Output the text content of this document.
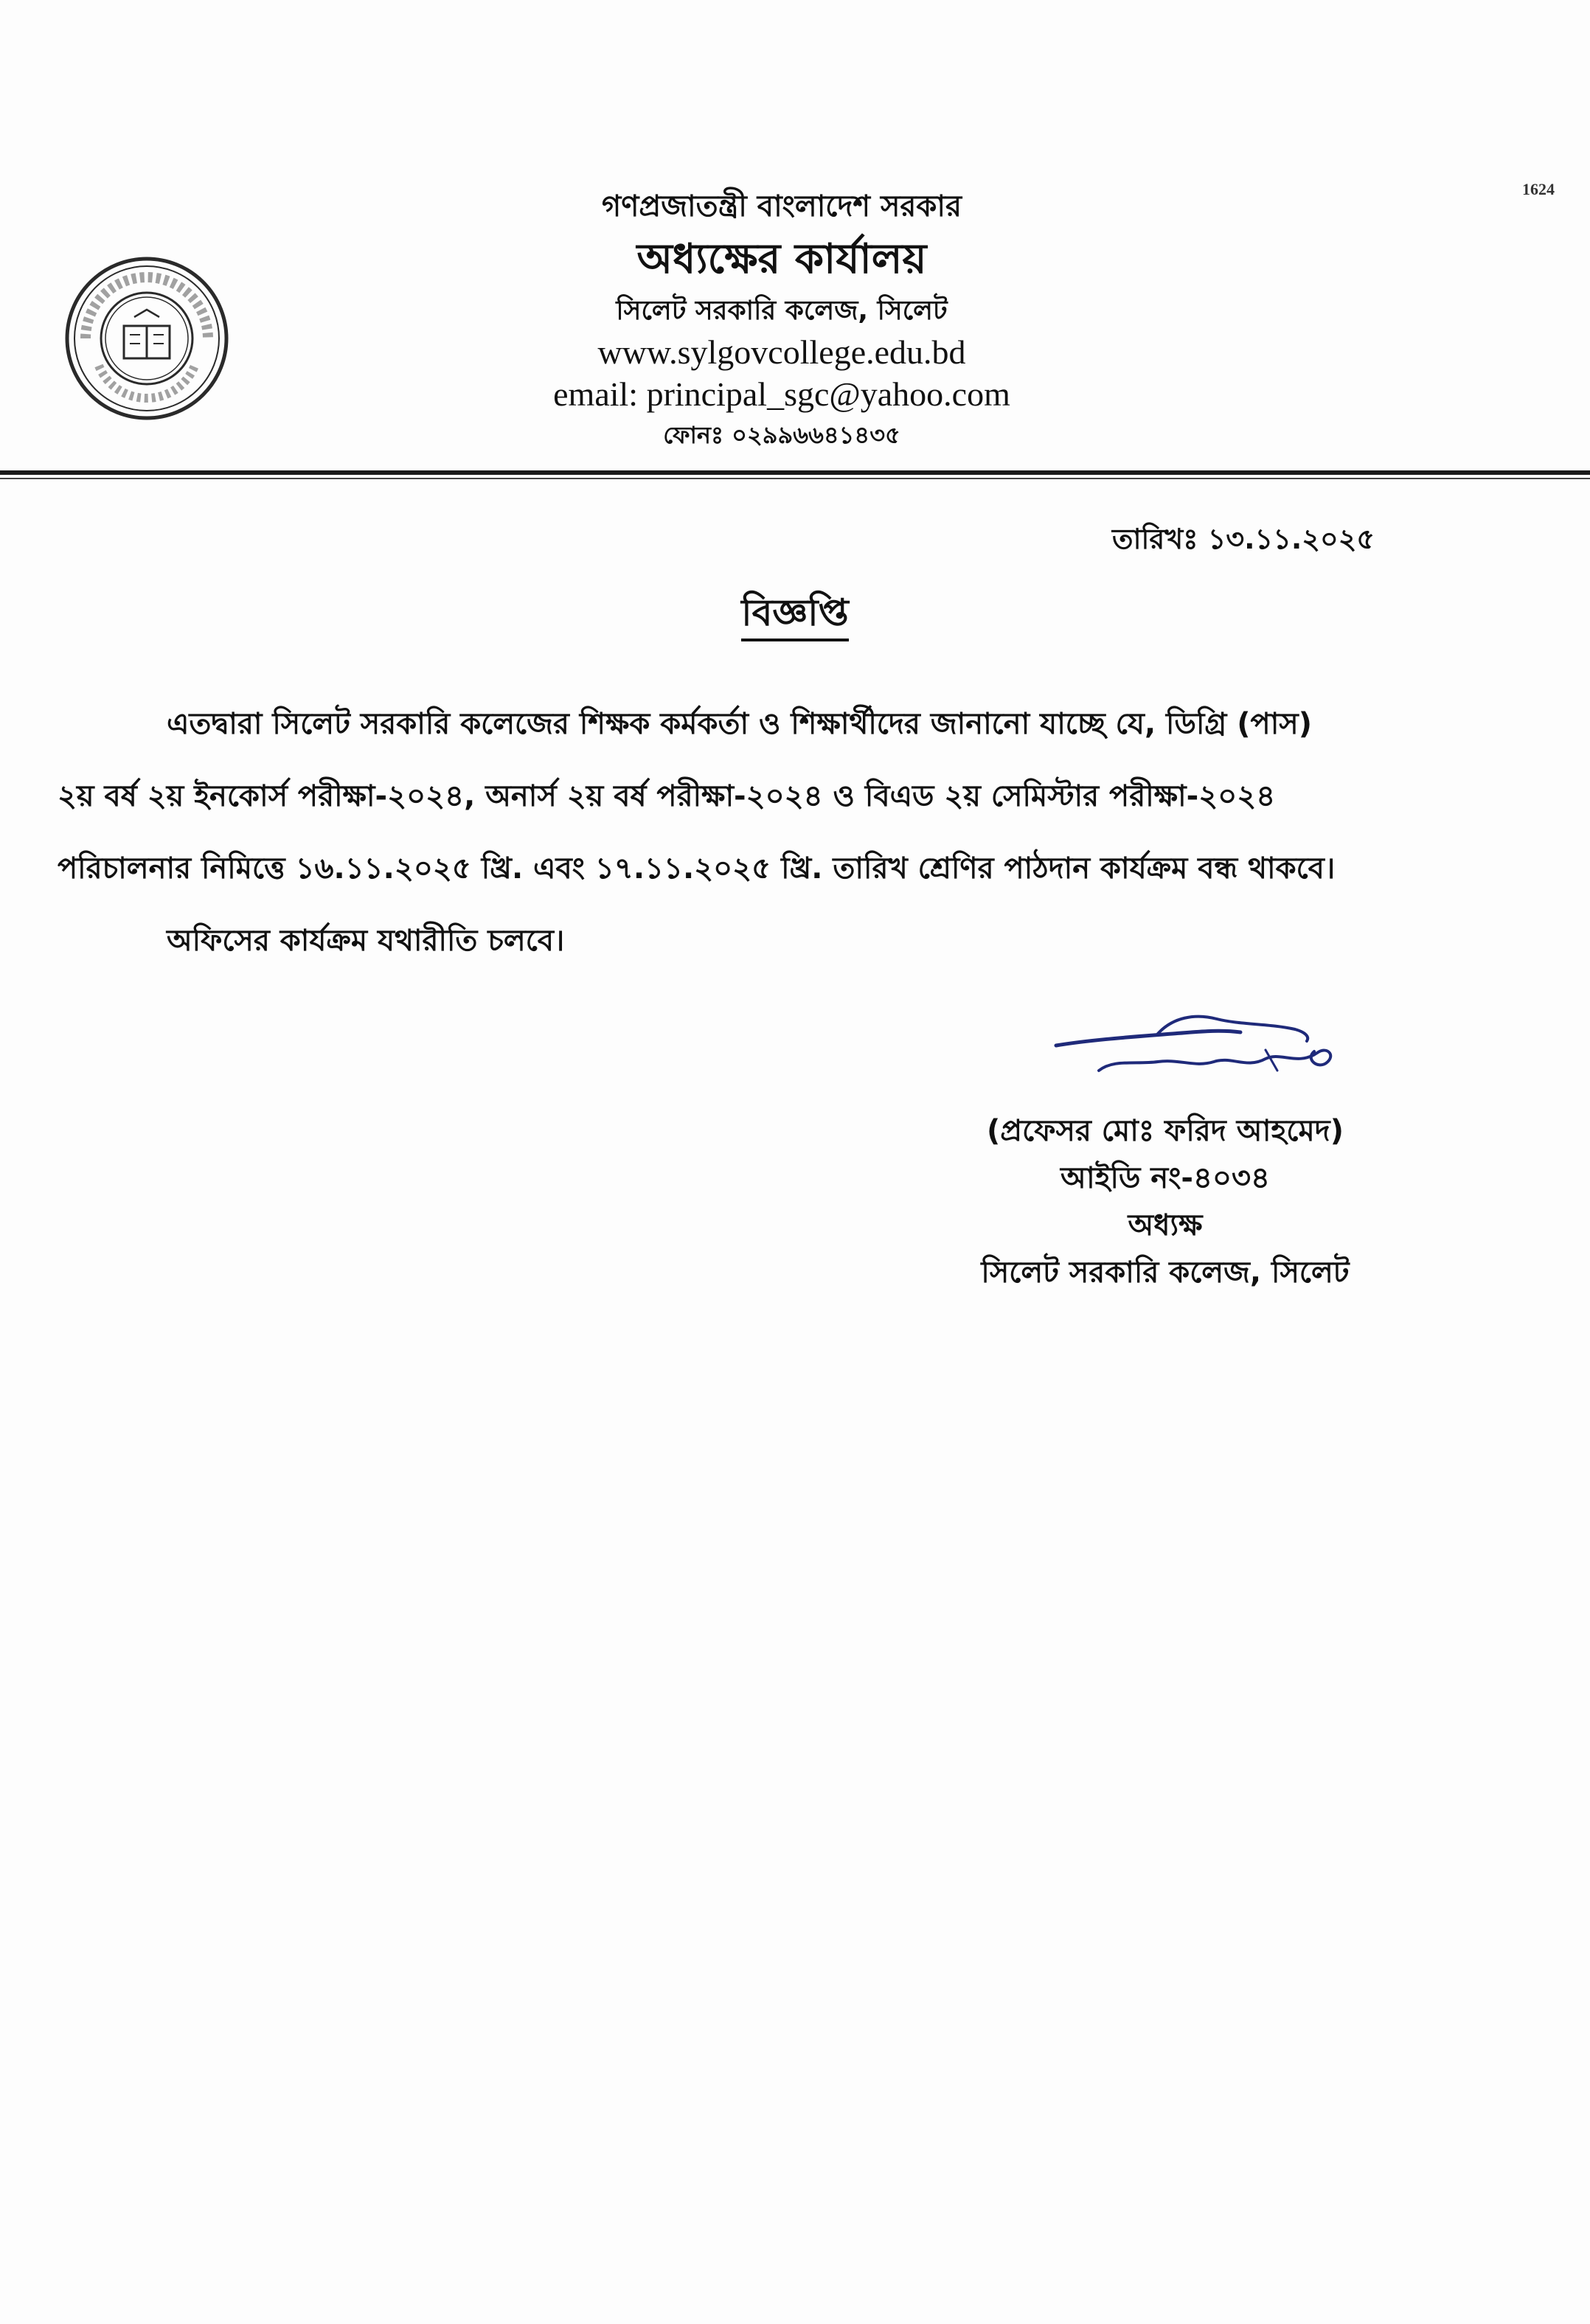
1624
গণপ্রজাতন্ত্রী বাংলাদেশ সরকার
অধ্যক্ষের কার্যালয়
সিলেট সরকারি কলেজ, সিলেট
www.sylgovcollege.edu.bd
email: principal_sgc@yahoo.com
ফোনঃ ০২৯৯৬৬৪১৪৩৫
তারিখঃ ১৩.১১.২০২৫
বিজ্ঞপ্তি
এতদ্বারা সিলেট সরকারি কলেজের শিক্ষক কর্মকর্তা ও শিক্ষার্থীদের জানানো যাচ্ছে যে, ডিগ্রি (পাস)
২য় বর্ষ ২য় ইনকোর্স পরীক্ষা-২০২৪, অনার্স ২য় বর্ষ পরীক্ষা-২০২৪ ও বিএড ২য় সেমিস্টার পরীক্ষা-২০২৪
পরিচালনার নিমিত্তে ১৬.১১.২০২৫ খ্রি. এবং ১৭.১১.২০২৫ খ্রি. তারিখ শ্রেণির পাঠদান কার্যক্রম বন্ধ থাকবে।
অফিসের কার্যক্রম যথারীতি চলবে।
(প্রফেসর মোঃ ফরিদ আহমেদ)
আইডি নং-৪০৩৪
অধ্যক্ষ
সিলেট সরকারি কলেজ, সিলেট
